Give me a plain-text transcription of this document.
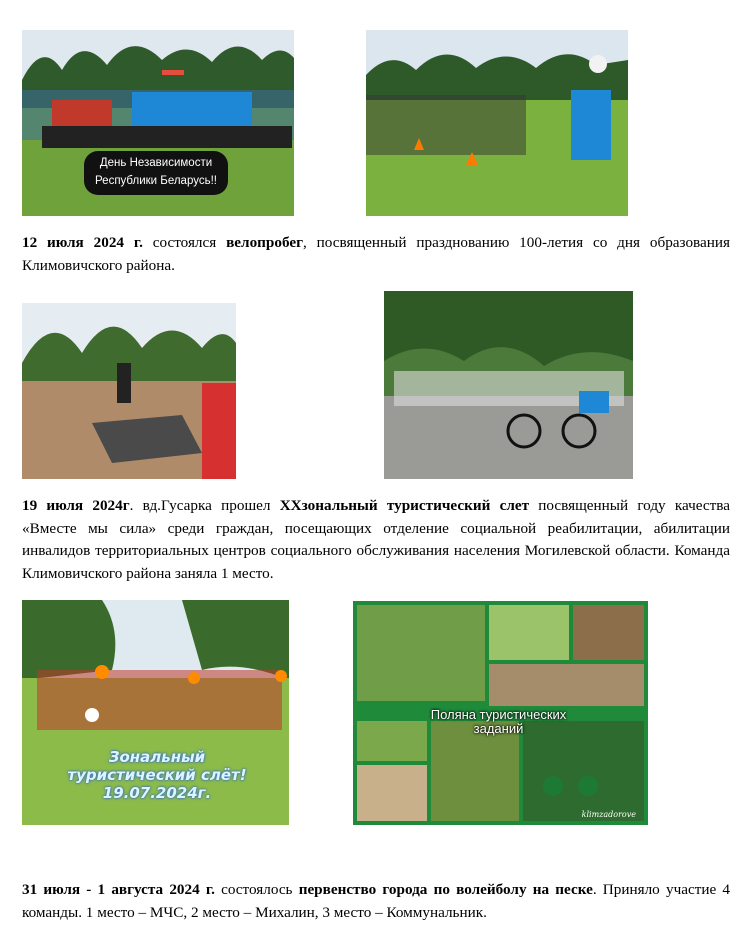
День Независимости Республики Беларусь!!

12 июля 2024 г. состоялся велопробег, посвященный празднованию 100-летия со дня образования Климовичского района.

19 июля 2024г. вд.Гусарка прошел XXзональный туристический слет посвященный году качества «Вместе мы сила» среди граждан, посещающих отделение социальной реабилитации, абилитации инвалидов территориальных центров социального обслуживания населения Могилевской области. Команда Климовичского района заняла 1 место.

Зональный
туристический слёт!
19.07.2024г.
Поляна туристических
заданий
klimzadorove

31 июля - 1 августа 2024 г. состоялось первенство города по волейболу на песке. Приняло участие 4 команды. 1 место – МЧС, 2 место – Михалин, 3 место – Коммунальник.
